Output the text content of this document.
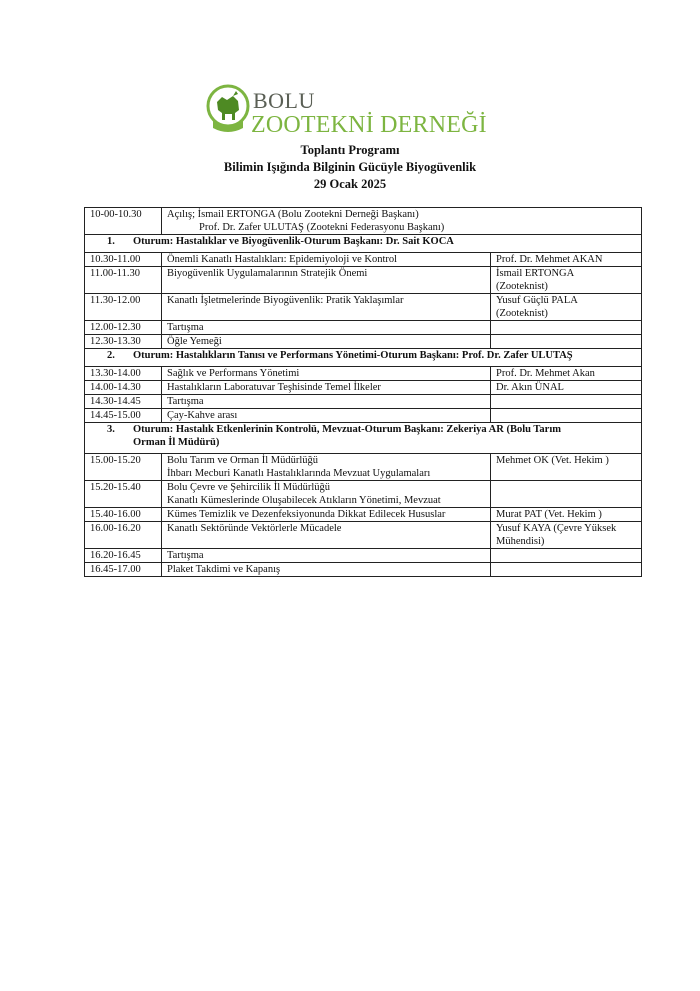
BOLU
ZOOTEKNİ DERNEĞİ
Toplantı Programı
Bilimin Işığında Bilginin Gücüyle Biyogüvenlik
29 Ocak 2025
10-00-10.30	Açılış; İsmail ERTONGA (Bolu Zootekni Derneği Başkanı)
Prof. Dr. Zafer ULUTAŞ (Zootekni Federasyonu Başkanı)	

1. Oturum: Hastalıklar ve Biyogüvenlik-Oturum Başkanı: Dr. Sait KOCA		
10.30-11.00	Önemli Kanatlı Hastalıkları: Epidemiyoloji ve Kontrol	Prof. Dr. Mehmet AKAN
11.00-11.30	Biyogüvenlik Uygulamalarının Stratejik Önemi	İsmail ERTONGA
(Zooteknist)

11.30-12.00	Kanatlı İşletmelerinde Biyogüvenlik: Pratik Yaklaşımlar	Yusuf Güçlü PALA
(Zooteknist)

12.00-12.30	Tartışma	
12.30-13.30	Öğle Yemeği	
2. Oturum: Hastalıkların Tanısı ve Performans Yönetimi-Oturum Başkanı: Prof. Dr. Zafer ULUTAŞ		
13.30-14.00	Sağlık ve Performans Yönetimi	Prof. Dr. Mehmet Akan
14.00-14.30	Hastalıkların Laboratuvar Teşhisinde Temel İlkeler	Dr. Akın ÜNAL
14.30-14.45	Tartışma	
14.45-15.00	Çay-Kahve arası	
3. Oturum: Hastalık Etkenlerinin Kontrolü, Mevzuat-Oturum Başkanı: Zekeriya AR (Bolu Tarım
Orman İl Müdürü)		

15.00-15.20	Bolu Tarım ve Orman İl Müdürlüğü
İhbarı Mecburi Kanatlı Hastalıklarında Mevzuat Uygulamaları	Mehmet OK (Vet. Hekim )
15.20-15.40	Bolu Çevre ve Şehircilik İl Müdürlüğü
Kanatlı Kümeslerinde Oluşabilecek Atıkların Yönetimi, Mevzuat	

15.40-16.00	Kümes Temizlik ve Dezenfeksiyonunda Dikkat Edilecek Hususlar	Murat PAT (Vet. Hekim )
16.00-16.20	Kanatlı Sektöründe Vektörlerle Mücadele	Yusuf KAYA (Çevre Yüksek
Mühendisi)

16.20-16.45	Tartışma	
16.45-17.00	Plaket Takdimi ve Kapanış	
